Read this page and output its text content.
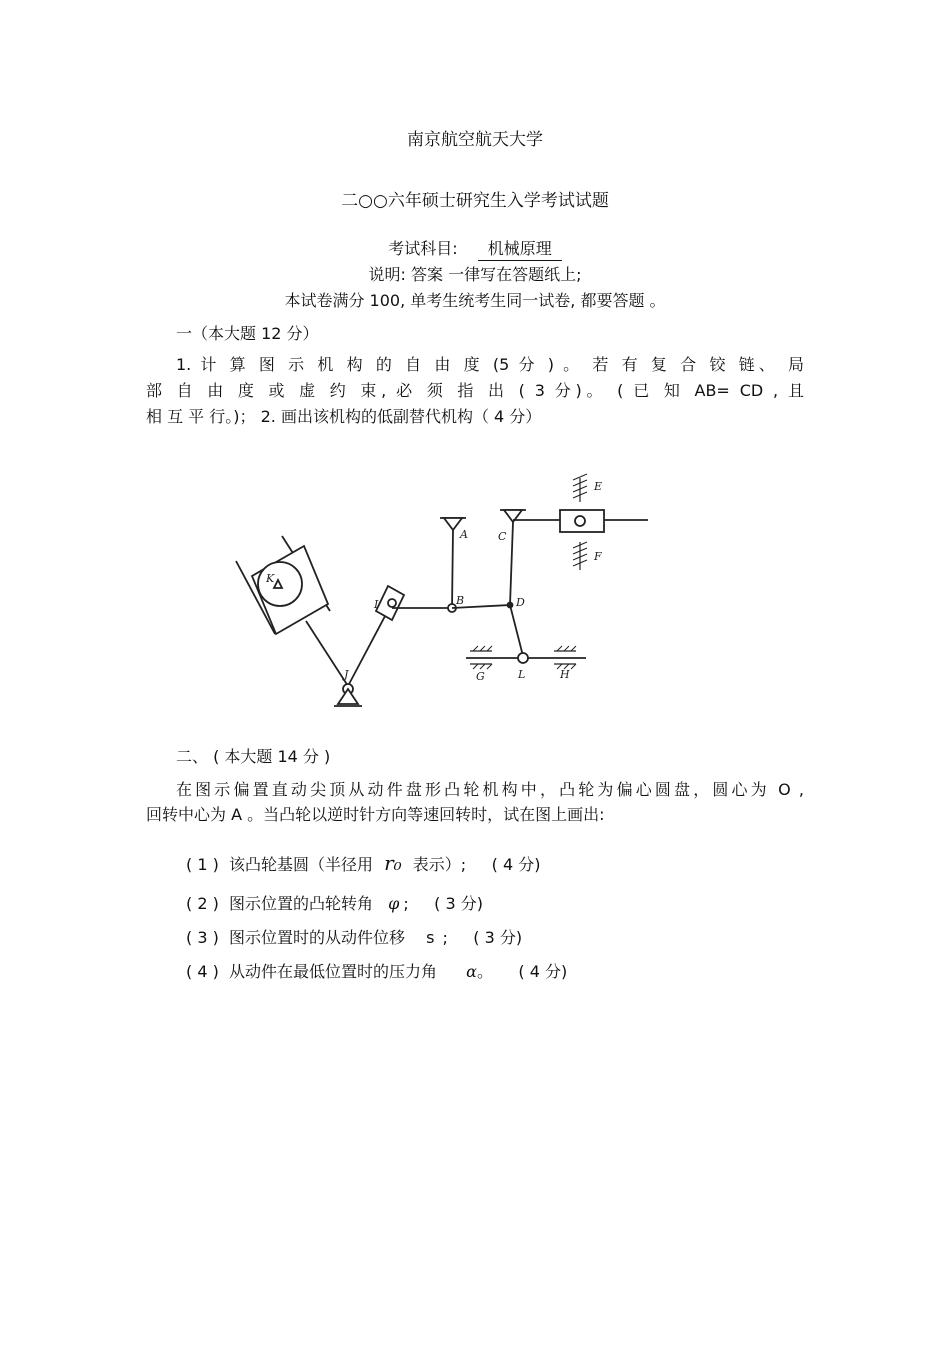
南京航空航天大学
二○○六年硕士研究生入学考试试题
考试科目: 机械原理
说明: 答案 一律写在答题纸上;
本试卷满分 100, 单考生统考生同一试卷, 都要答题 。
一（本大题 12 分）
1. 计 算 图 示 机 构 的 自 由 度 (5 分 ) 。 若 有 复 合 铰 链、 局
部 自 由 度 或 虚 约 束, 必 须 指 出 ( 3 分)。 ( 已 知 AB= CD , 且
相 互 平 行。)； 2. 画出该机构的低副替代机构（ 4 分）
A
B
C
D
E
F
G	H
I
J
K
L
二、 ( 本大题 14 分 )
在图示偏置直动尖顶从动件盘形凸轮机构中，凸轮为偏心圆盘，圆心为 O ,
回转中心为 A 。当凸轮以逆时针方向等速回转时，试在图上画出:
( 1 ) 该凸轮基圆（半径用 r₀ 表示）; ( 4 分)
( 2 ) 图示位置的凸轮转角 φ ; ( 3 分)
( 3 ) 图示位置时的从动件位移 s ; ( 3 分)
( 4 ) 从动件在最低位置时的压力角 α。 ( 4 分)
